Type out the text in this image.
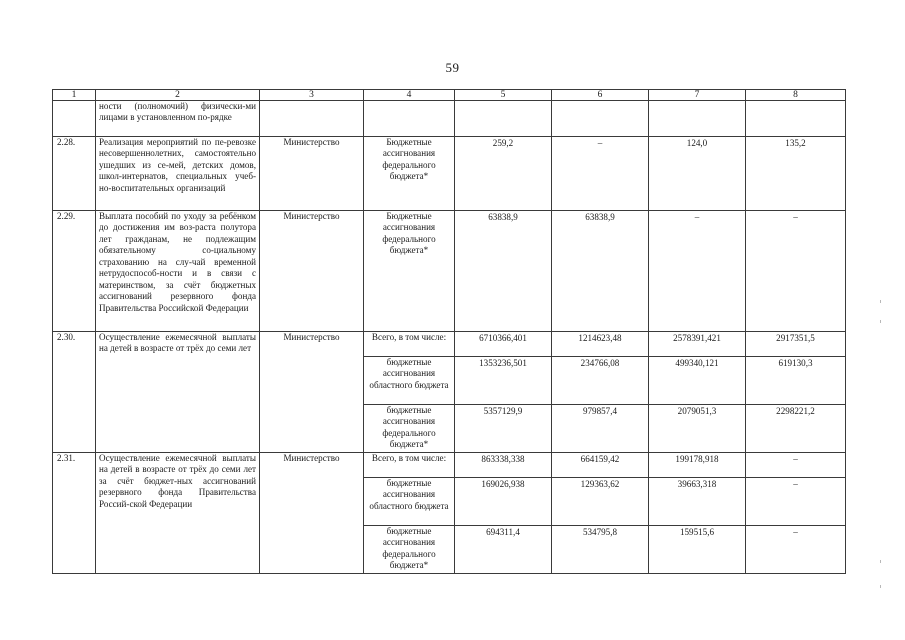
59
1	2	3	4	5	6	7	8
	ности (полномочий) физически-ми лицами в установленном по-рядке						
2.28.	Реализация мероприятий по пе-ревозке несовершеннолетних, самостоятельно ушедших из се-мей, детских домов, школ-интернатов, специальных учеб-но-воспитательных организаций	Министерство	Бюджетные ассигнования федерального бюджета*	259,2	–	124,0	135,2
2.29.	Выплата пособий по уходу за ребёнком до достижения им воз-раста полутора лет гражданам, не подлежащим обязательному со-циальному страхованию на слу-чай временной нетрудоспособ-ности и в связи с материнством, за счёт бюджетных ассигнований резервного фонда Правительства Российской Федерации	Министерство	Бюджетные ассигнования федерального бюджета*	63838,9	63838,9	–	–
2.30.	Осуществление ежемесячной выплаты на детей в возрасте от трёх до семи лет	Министерство	Всего, в том числе:	6710366,401	1214623,48	2578391,421	2917351,5
			бюджетные ассигнования областного бюджета	1353236,501	234766,08	499340,121	619130,3
			бюджетные ассигнования федерального бюджета*	5357129,9	979857,4	2079051,3	2298221,2
2.31.	Осуществление ежемесячной выплаты на детей в возрасте от трёх до семи лет за счёт бюджет-ных ассигнований резервного фонда Правительства Россий-ской Федерации	Министерство	Всего, в том числе:	863338,338	664159,42	199178,918	–
			бюджетные ассигнования областного бюджета	169026,938	129363,62	39663,318	–
			бюджетные ассигнования федерального бюджета*	694311,4	534795,8	159515,6	–
